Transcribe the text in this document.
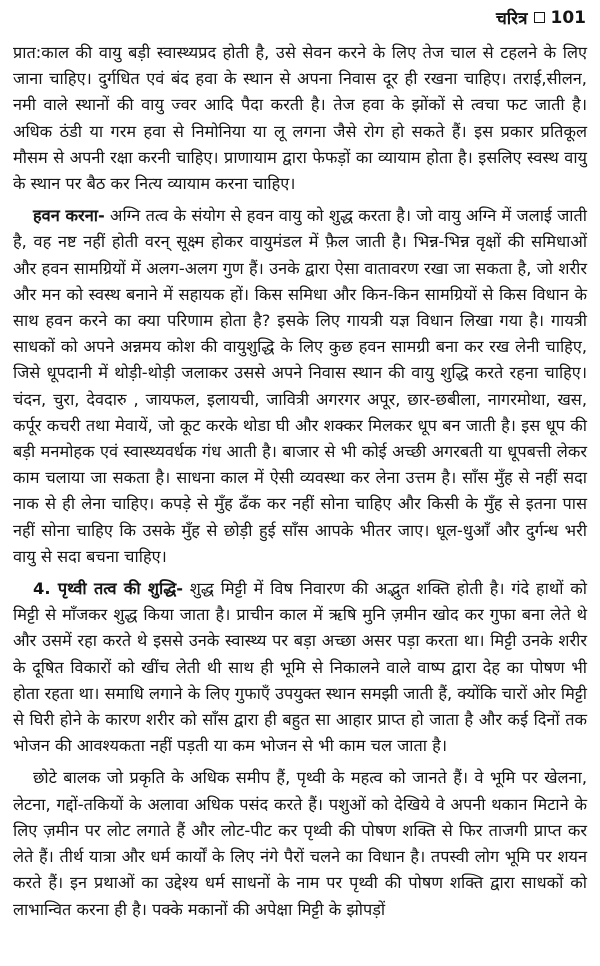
चरित्र 101

प्रात:काल की वायु बड़ी स्वास्थ्यप्रद होती है, उसे सेवन करने के लिए तेज चाल से टहलने के लिए जाना चाहिए। दुर्गधित एवं बंद हवा के स्थान से अपना निवास दूर ही रखना चाहिए। तराई,सीलन, नमी वाले स्थानों की वायु ज्वर आदि पैदा करती है। तेज हवा के झोंकों से त्वचा फट जाती है। अधिक ठंडी या गरम हवा से निमोनिया या लू लगना जैसे रोग हो सकते हैं। इस प्रकार प्रतिकूल मौसम से अपनी रक्षा करनी चाहिए। प्राणायाम द्वारा फेफड़ों का व्यायाम होता है। इसलिए स्वस्थ वायु के स्थान पर बैठ कर नित्य व्यायाम करना चाहिए।

हवन करना- अग्नि तत्व के संयोग से हवन वायु को शुद्ध करता है। जो वायु अग्नि में जलाई जाती है, वह नष्ट नहीं होती वरन् सूक्ष्म होकर वायुमंडल में फ़ैल जाती है। भिन्न-भिन्न वृक्षों की समिधाओं और हवन सामग्रियों में अलग-अलग गुण हैं। उनके द्वारा ऐसा वातावरण रखा जा सकता है, जो शरीर और मन को स्वस्थ बनाने में सहायक हों। किस समिधा और किन-किन सामग्रियों से किस विधान के साथ हवन करने का क्या परिणाम होता है? इसके लिए गायत्री यज्ञ विधान लिखा गया है। गायत्री साधकों को अपने अन्नमय कोश की वायुशुद्धि के लिए कुछ हवन सामग्री बना कर रख लेनी चाहिए, जिसे धूपदानी में थोड़ी-थोड़ी जलाकर उससे अपने निवास स्थान की वायु शुद्धि करते रहना चाहिए। चंदन, चुरा, देवदारु , जायफल, इलायची, जावित्री अगरगर अपूर, छार-छबीला, नागरमोथा, खस, कर्पूर कचरी तथा मेवायें, जो कूट करके थोडा घी और शक्कर मिलकर धूप बन जाती है। इस धूप की बड़ी मनमोहक एवं स्वास्थ्यवर्धक गंध आती है। बाजार से भी कोई अच्छी अगरबती या धूपबत्ती लेकर काम चलाया जा सकता है। साधना काल में ऐसी व्यवस्था कर लेना उत्तम है। साँस मुँह से नहीं सदा नाक से ही लेना चाहिए। कपड़े से मुँह ढँक कर नहीं सोना चाहिए और किसी के मुँह से इतना पास नहीं सोना चाहिए कि उसके मुँह से छोड़ी हुई साँस आपके भीतर जाए। धूल-धुआँ और दुर्गन्ध भरी वायु से सदा बचना चाहिए।

4. पृथ्वी तत्व की शुद्धि- शुद्ध मिट्टी में विष निवारण की अद्भुत शक्ति होती है। गंदे हाथों को मिट्टी से माँजकर शुद्ध किया जाता है। प्राचीन काल में ऋषि मुनि ज़मीन खोद कर गुफा बना लेते थे और उसमें रहा करते थे इससे उनके स्वास्थ्य पर बड़ा अच्छा असर पड़ा करता था। मिट्टी उनके शरीर के दूषित विकारों को खींच लेती थी साथ ही भूमि से निकालने वाले वाष्प द्वारा देह का पोषण भी होता रहता था। समाधि लगाने के लिए गुफाएँ उपयुक्त स्थान समझी जाती हैं, क्योंकि चारों ओर मिट्टी से घिरी होने के कारण शरीर को साँस द्वारा ही बहुत सा आहार प्राप्त हो जाता है और कई दिनों तक भोजन की आवश्यकता नहीं पड़ती या कम भोजन से भी काम चल जाता है।

छोटे बालक जो प्रकृति के अधिक समीप हैं, पृथ्वी के महत्व को जानते हैं। वे भूमि पर खेलना, लेटना, गद्दों-तकियों के अलावा अधिक पसंद करते हैं। पशुओं को देखिये वे अपनी थकान मिटाने के लिए ज़मीन पर लोट लगाते हैं और लोट-पीट कर पृथ्वी की पोषण शक्ति से फिर ताजगी प्राप्त कर लेते हैं। तीर्थ यात्रा और धर्म कार्यों के लिए नंगे पैरों चलने का विधान है। तपस्वी लोग भूमि पर शयन करते हैं। इन प्रथाओं का उद्देश्य धर्म साधनों के नाम पर पृथ्वी की पोषण शक्ति द्वारा साधकों को लाभान्वित करना ही है। पक्के मकानों की अपेक्षा मिट्टी के झोपड़ों
